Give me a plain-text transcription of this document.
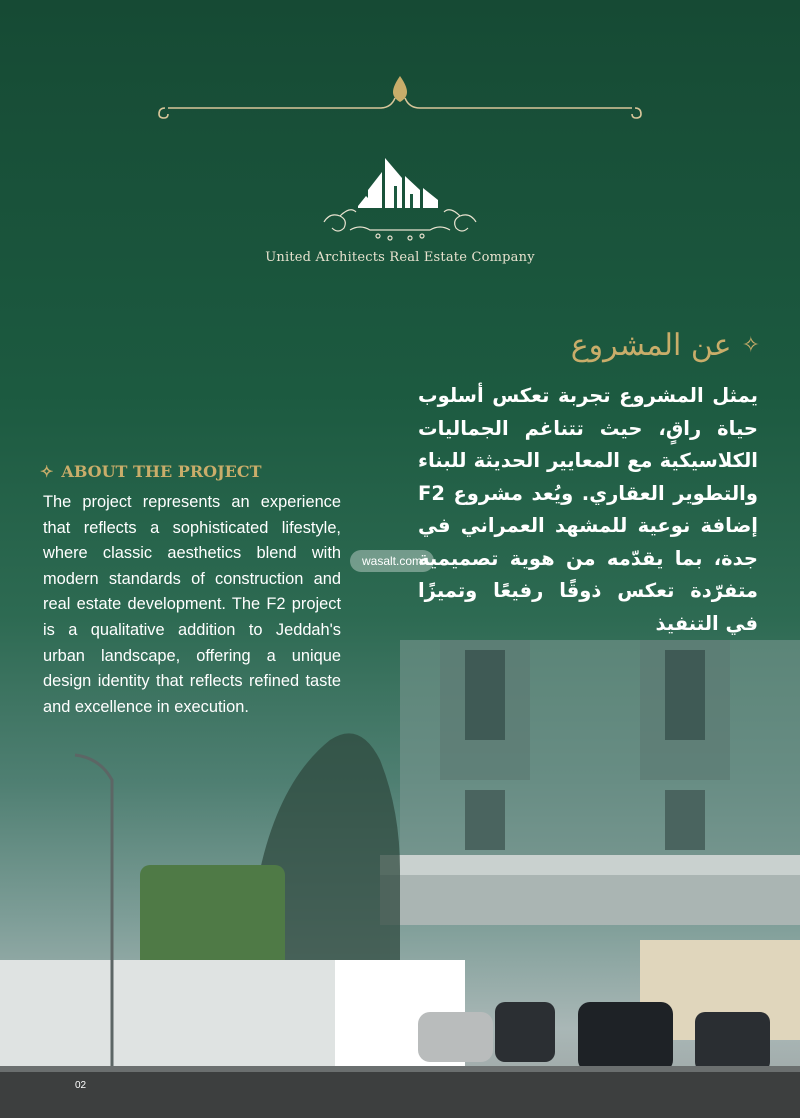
United Architects Real Estate Company
✧
عن المشروع
يمثل المشروع تجربة تعكس أسلوب حياة راقٍ، حيث تتناغم الجماليات الكلاسيكية مع المعايير الحديثة للبناء والتطوير العقاري. ويُعد مشروع F2 إضافة نوعية للمشهد العمراني في جدة، بما يقدّمه من هوية تصميمية متفرّدة تعكس ذوقًا رفيعًا وتميزًا في التنفيذ
✧ ABOUT THE PROJECT
The project represents an experience that reflects a sophisticated lifestyle, where classic aesthetics blend with modern standards of construction and real estate development. The F2 project is a qualitative addition to Jeddah's urban landscape, offering a unique design identity that reflects refined taste and excellence in execution.
wasalt.com
02
